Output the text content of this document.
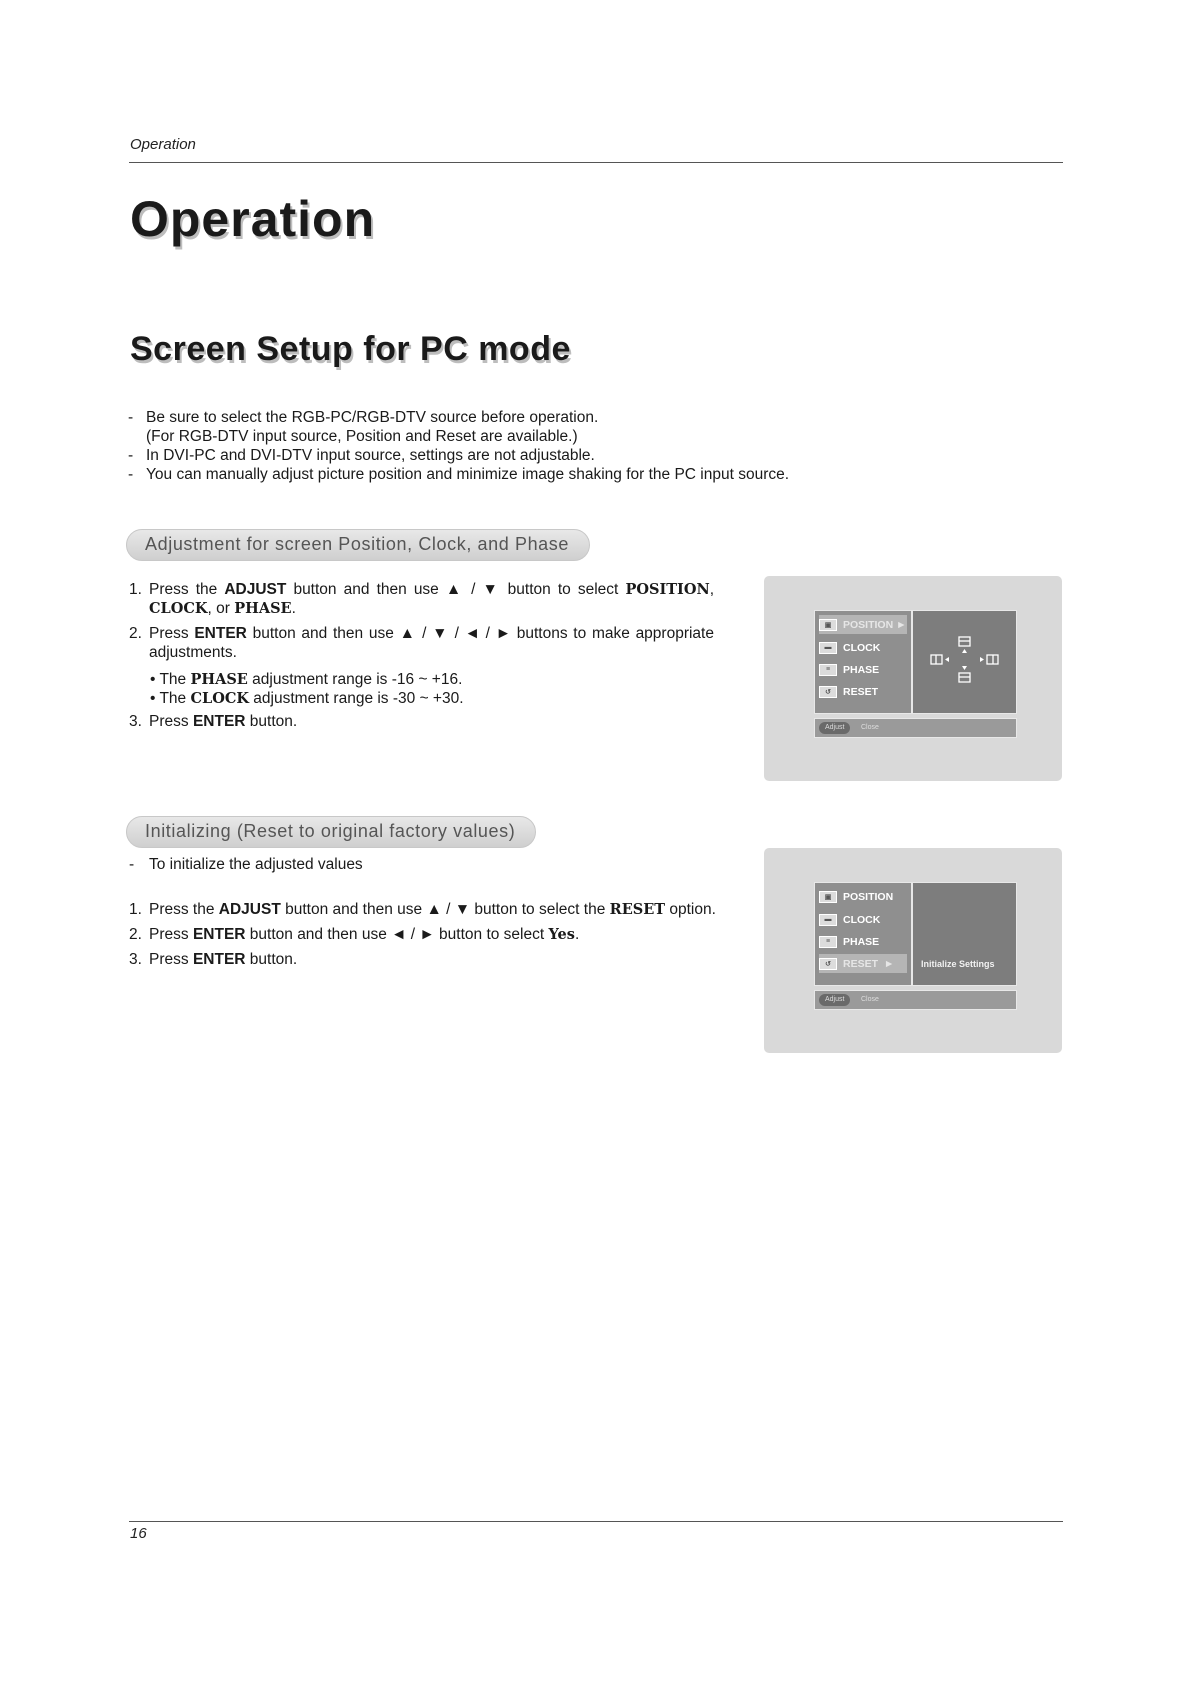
Operation
Operation
Screen Setup for PC mode
- Be sure to select the RGB-PC/RGB-DTV source before operation.
(For RGB-DTV input source, Position and Reset are available.)
- In DVI-PC and DVI-DTV input source, settings are not adjustable.
- You can manually adjust picture position and minimize image shaking for the PC input source.
Adjustment for screen Position, Clock, and Phase
1. Press the ADJUST button and then use ▲ / ▼ button to select POSITION, CLOCK, or PHASE.
2. Press ENTER button and then use ▲ / ▼ / ◄ / ► buttons to make appropriate adjustments.
• The PHASE adjustment range is -16 ~ +16.
• The CLOCK adjustment range is -30 ~ +30.
3. Press ENTER button.
▣	POSITION
►
▬	CLOCK
≡	PHASE
↺	RESET
Adjust	Close
Initializing (Reset to original factory values)
- To initialize the adjusted values
1. Press the ADJUST button and then use ▲ / ▼ button to select the RESET option.
2. Press ENTER button and then use ◄ / ► button to select Yes.
3. Press ENTER button.
▣	POSITION
▬	CLOCK
≡	PHASE
↺	RESET
►	Initialize Settings
Adjust	Close
16
